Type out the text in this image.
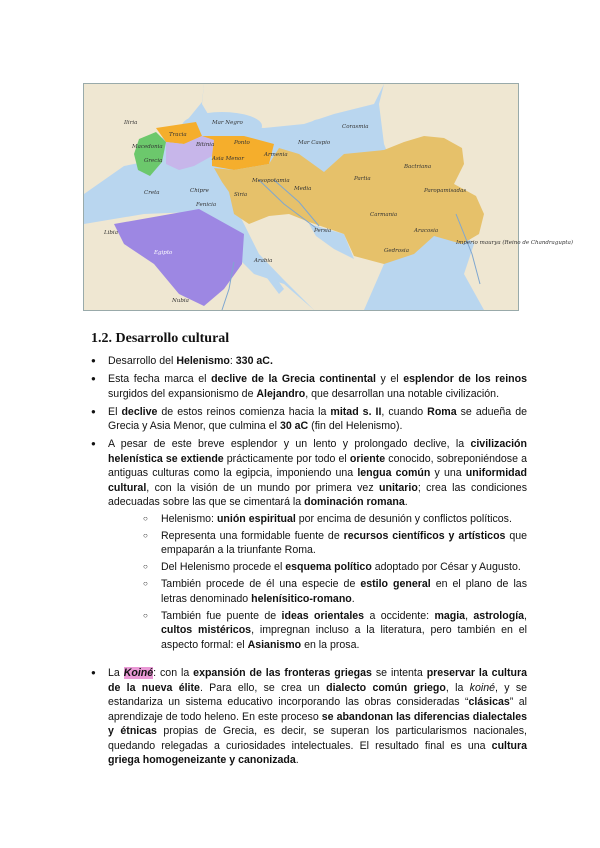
Iliria	Mar Negro
Tracia
Macedonia
Grecia
Bitinia	Ponto
Asia Menor
Armenia
Mar Caspio
Corasmia
Creta
Fenicia
Chipre
Siria
Mesopotamia
Media
Partia
Bactriana
Paropamisadas
Persia
Carmania
Aracosia
Gedrosia
Egipto
Arabia
Libia
Nubia
Imperio maurya (Reino de Chandragupta)
1.2. Desarrollo cultural
● Desarrollo del Helenismo: 330 aC.
● Esta fecha marca el declive de la Grecia continental y el esplendor de los reinos surgidos del expansionismo de Alejandro, que desarrollan una notable civilización.
● El declive de estos reinos comienza hacia la mitad s. II, cuando Roma se adueña de Grecia y Asia Menor, que culmina el 30 aC (fin del Helenismo).
● A pesar de este breve esplendor y un lento y prolongado declive, la civilización helenística se extiende prácticamente por todo el oriente conocido, sobreponiéndose a antiguas culturas como la egipcia, imponiendo una lengua común y una uniformidad cultural, con la visión de un mundo por primera vez unitario; crea las condiciones adecuadas sobre las que se cimentará la dominación romana.
○ Helenismo: unión espiritual por encima de desunión y conflictos políticos.
○ Representa una formidable fuente de recursos científicos y artísticos que empaparán a la triunfante Roma.
○ Del Helenismo procede el esquema político adoptado por César y Augusto.
○ También procede de él una especie de estilo general en el plano de las letras denominado helenísitico-romano.
○ También fue puente de ideas orientales a occidente: magia, astrología, cultos mistéricos, impregnan incluso a la literatura, pero también en el aspecto formal: el Asianismo en la prosa.
● La Koiné: con la expansión de las fronteras griegas se intenta preservar la cultura de la nueva élite. Para ello, se crea un dialecto común griego, la koiné, y se estandariza un sistema educativo incorporando las obras consideradas “clásicas” al aprendizaje de todo heleno. En este proceso se abandonan las diferencias dialectales y étnicas propias de Grecia, es decir, se superan los particularismos nacionales, quedando relegadas a curiosidades intelectuales. El resultado final es una cultura griega homogeneizante y canonizada.
